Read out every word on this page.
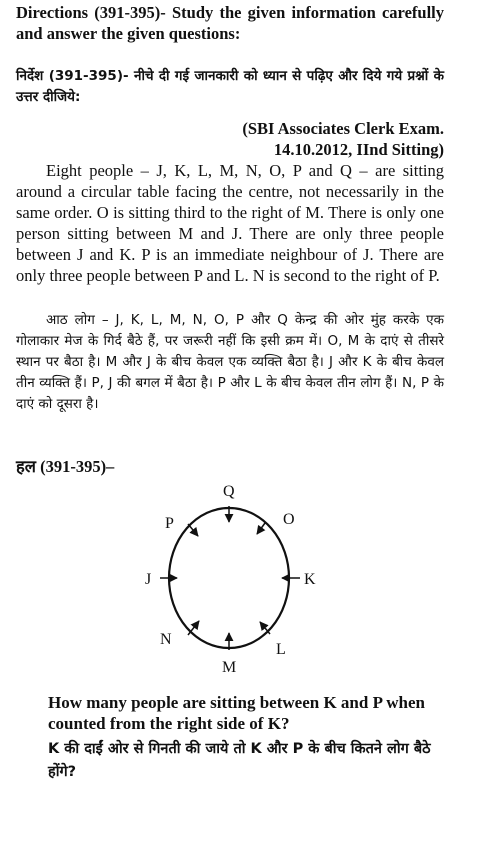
Directions (391-395)- Study the given information carefully and answer the given questions:
निर्देश (391-395)- नीचे दी गई जानकारी को ध्यान से पढ़िए और दिये गये प्रश्नों के उत्तर दीजिये:
(SBI Associates Clerk Exam.
14.10.2012, IInd Sitting)
Eight people – J, K, L, M, N, O, P and Q – are sitting around a circular table facing the centre, not necessarily in the same order. O is sitting third to the right of M. There is only one person sitting between M and J. There are only three people between J and K. P is an immediate neighbour of J. There are only three people between P and L. N is second to the right of P.
आठ लोग – J, K, L, M, N, O, P और Q केन्द्र की ओर मुंह करके एक गोलाकार मेज के गिर्द बैठे हैं, पर जरूरी नहीं कि इसी क्रम में। O, M के दाएं से तीसरे स्थान पर बैठा है। M और J के बीच केवल एक व्यक्ति बैठा है। J और K के बीच केवल तीन व्यक्ति हैं। P, J की बगल में बैठा है। P और L के बीच केवल तीन लोग हैं। N, P के दाएं को दूसरा है।
हल (391-395)–
Q
O
K
L
M
N
J
P
How many people are sitting between K and P when counted from the right side of K?
K की दाईं ओर से गिनती की जाये तो K और P के बीच कितने लोग बैठे होंगे?
